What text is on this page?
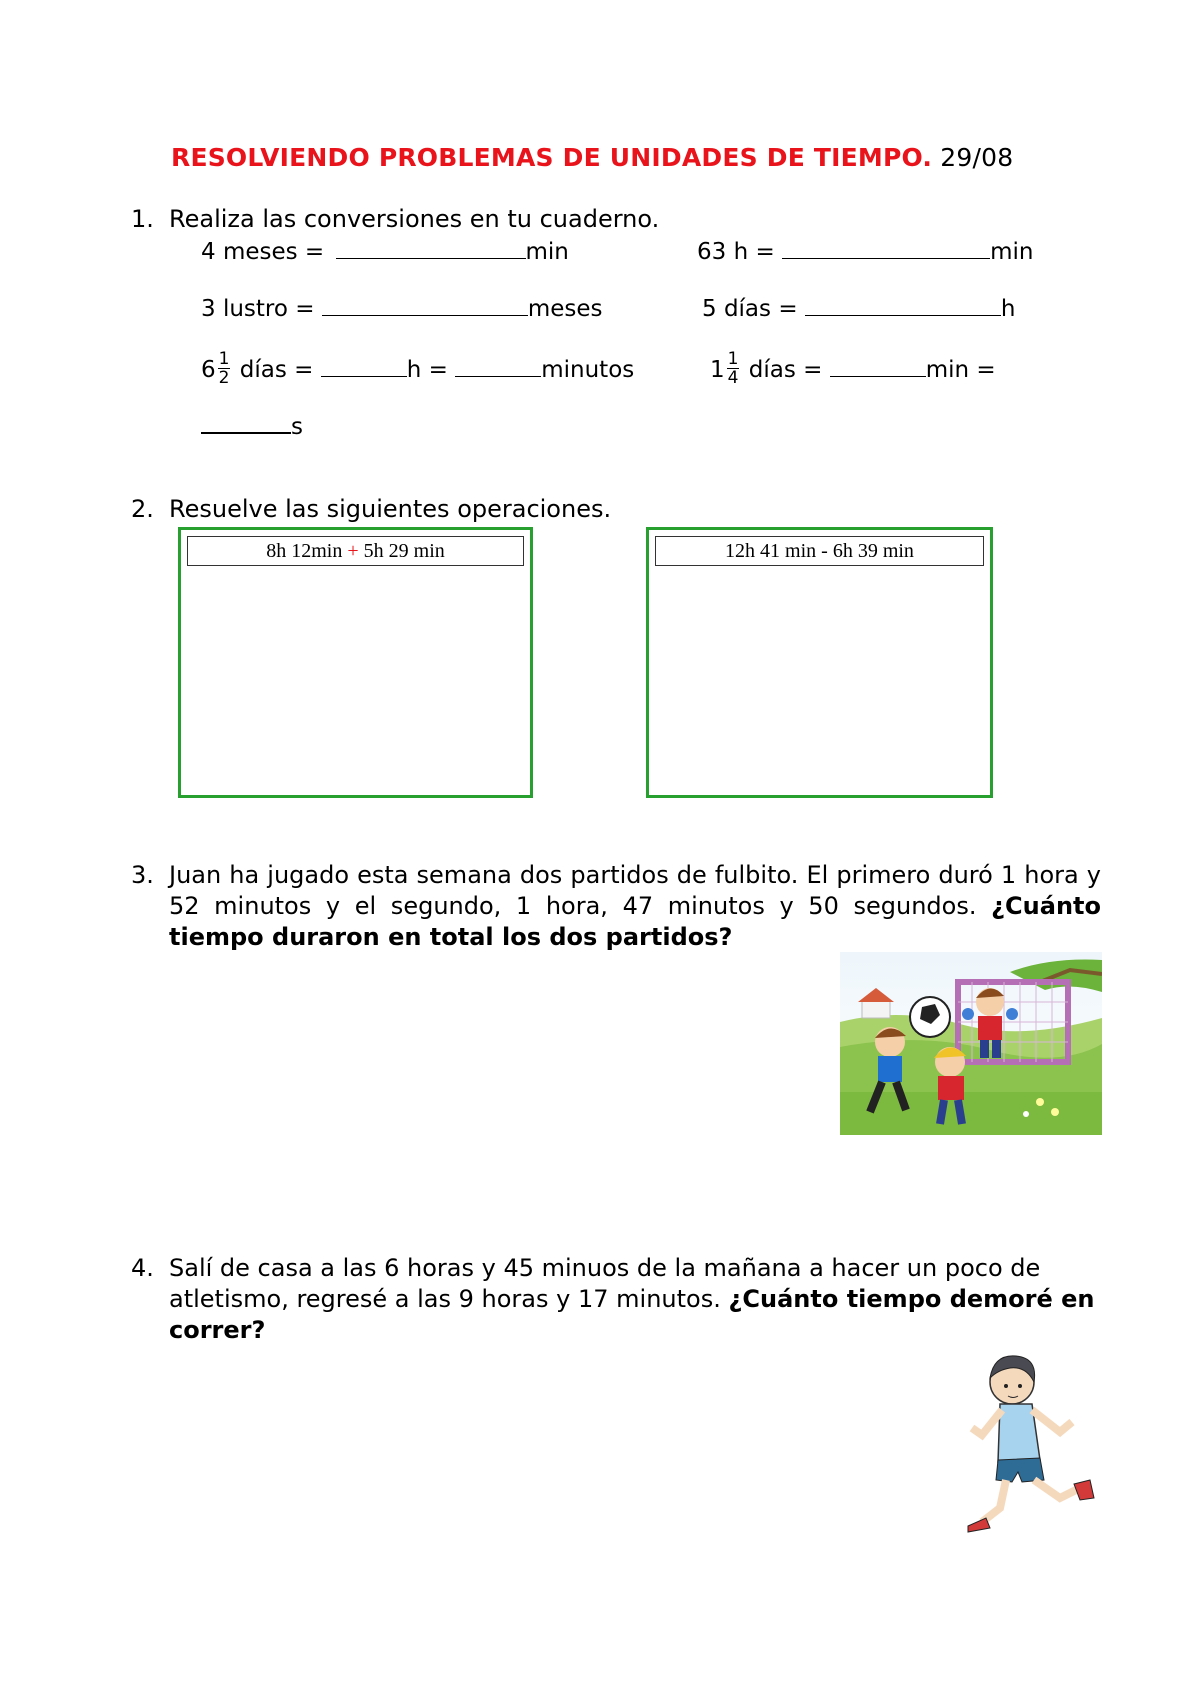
RESOLVIENDO PROBLEMAS DE UNIDADES DE TIEMPO. 29/08
1. Realiza las conversiones en tu cuaderno.
4 meses =	min	63 h =	min
3 lustro =	meses	5 días =	h
$6 \frac{1}{2}$ días =	h =	minutos	$1 \frac{1}{4}$ días =	min =
s
2. Resuelve las siguientes operaciones.
8h 12min + 5h 29 min	12h 41 min - 6h 39 min
3. Juan ha jugado esta semana dos partidos de fulbito. El primero duró 1 hora y 52 minutos y el segundo, 1 hora, 47 minutos y 50 segundos. ¿Cuánto tiempo duraron en total los dos partidos?
4. Salí de casa a las 6 horas y 45 minuos de la mañana a hacer un poco de atletismo, regresé a las 9 horas y 17 minutos. ¿Cuánto tiempo demoré en correr?
